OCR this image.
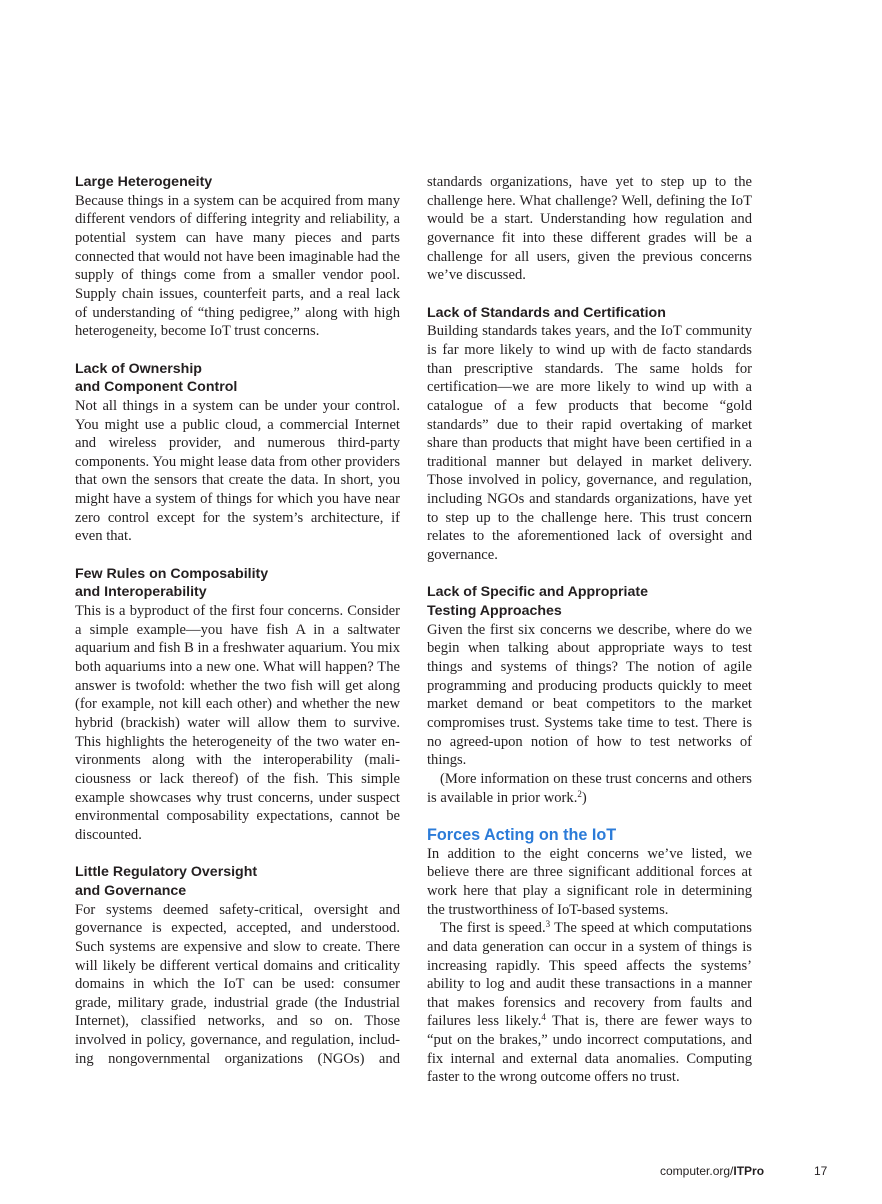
Large Heterogeneity

Because things in a system can be acquired from many different vendors of differing integrity and reliability, a potential system can have many pieces and parts connected that would not have been imaginable had the supply of things come from a smaller vendor pool. Supply chain issues, counterfeit parts, and a real lack of understanding of “thing pedigree,” along with high heterogeneity, become IoT trust concerns.

Lack of Ownership
and Component Control

Not all things in a system can be under your control. You might use a public cloud, a commercial Internet and wireless provider, and numerous third-party components. You might lease data from other providers that own the sensors that create the data. In short, you might have a system of things for which you have near zero control except for the system’s architecture, if even that.

Few Rules on Composability
and Interoperability

This is a byproduct of the first four concerns. Consider a simple example—you have fish A in a saltwater aquarium and fish B in a freshwater aquarium. You mix both aquariums into a new one. What will happen? The answer is twofold: whether the two fish will get along (for example, not kill each other) and whether the new hybrid (brackish) water will allow them to survive. This highlights the heterogeneity of the two water environments along with the interoperability (maliciousness or lack thereof) of the fish. This simple example showcases why trust concerns, under suspect environmental composability expectations, cannot be discounted.

Little Regulatory Oversight
and Governance

For systems deemed safety-critical, oversight and governance is expected, accepted, and understood. Such systems are expensive and slow to create. There will likely be different vertical domains and criticality domains in which the IoT can be used: consumer grade, military grade, industrial grade (the Industrial Internet), classified networks, and so on. Those involved in policy, governance, and regulation, including nongovernmental organizations (NGOs) and

standards organizations, have yet to step up to the challenge here. What challenge? Well, defining the IoT would be a start. Understanding how regulation and governance fit into these different grades will be a challenge for all users, given the previous concerns we’ve discussed.

Lack of Standards and Certification

Building standards takes years, and the IoT community is far more likely to wind up with de facto standards than prescriptive standards. The same holds for certification—we are more likely to wind up with a catalogue of a few products that become “gold standards” due to their rapid overtaking of market share than products that might have been certified in a traditional manner but delayed in market delivery. Those involved in policy, governance, and regulation, including NGOs and standards organizations, have yet to step up to the challenge here. This trust concern relates to the aforementioned lack of oversight and governance.

Lack of Specific and Appropriate
Testing Approaches

Given the first six concerns we describe, where do we begin when talking about appropriate ways to test things and systems of things? The notion of agile programming and producing products quickly to meet market demand or beat competitors to the market compromises trust. Systems take time to test. There is no agreed-upon notion of how to test networks of things.

(More information on these trust concerns and others is available in prior work.$^2$)

Forces Acting on the IoT

In addition to the eight concerns we’ve listed, we believe there are three significant additional forces at work here that play a significant role in determining the trustworthiness of IoT-based systems.

The first is speed.$^3$ The speed at which computations and data generation can occur in a system of things is increasing rapidly. This speed affects the systems’ ability to log and audit these transactions in a manner that makes forensics and recovery from faults and failures less likely.$^4$ That is, there are fewer ways to “put on the brakes,” undo incorrect computations, and fix internal and external data anomalies. Computing faster to the wrong outcome offers no trust.

computer.org/ITPro	17
